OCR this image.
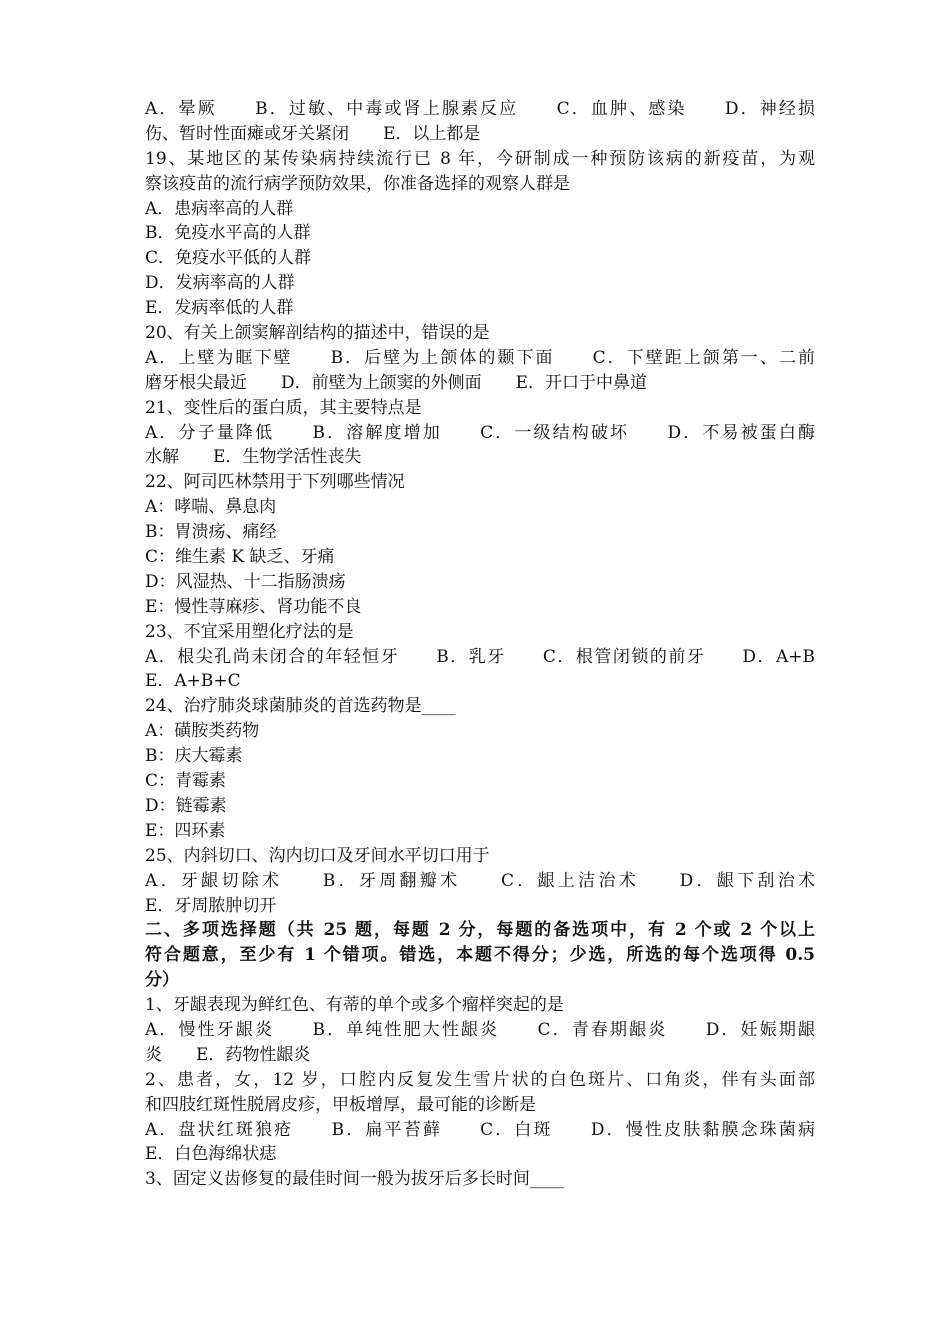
A．晕厥　　B．过敏、中毒或肾上腺素反应　　C．血肿、感染　　D．神经损
伤、暂时性面瘫或牙关紧闭　　E．以上都是
19、某地区的某传染病持续流行已 8 年，今研制成一种预防该病的新疫苗，为观
察该疫苗的流行病学预防效果，你准备选择的观察人群是
A．患病率高的人群
B．免疫水平高的人群
C．免疫水平低的人群
D．发病率高的人群
E．发病率低的人群
20、有关上颌窦解剖结构的描述中，错误的是
A．上壁为眶下壁　　B．后壁为上颌体的颞下面　　C．下壁距上颌第一、二前
磨牙根尖最近　　D．前壁为上颌窦的外侧面　　E．开口于中鼻道
21、变性后的蛋白质，其主要特点是
A．分子量降低　　B．溶解度增加　　C．一级结构破坏　　D．不易被蛋白酶
水解　　E．生物学活性丧失
22、阿司匹林禁用于下列哪些情况
A：哮喘、鼻息肉
B：胃溃疡、痛经
C：维生素 K 缺乏、牙痛
D：风湿热、十二指肠溃疡
E：慢性荨麻疹、肾功能不良
23、不宜采用塑化疗法的是
A．根尖孔尚未闭合的年轻恒牙　　B．乳牙　　C．根管闭锁的前牙　　D．A+B
E．A+B+C
24、治疗肺炎球菌肺炎的首选药物是____
A：磺胺类药物
B：庆大霉素
C：青霉素
D：链霉素
E：四环素
25、内斜切口、沟内切口及牙间水平切口用于
A．牙龈切除术　　B．牙周翻瓣术　　C．龈上洁治术　　D．龈下刮治术
E．牙周脓肿切开
二、多项选择题（共 25 题，每题 2 分，每题的备选项中，有 2 个或 2 个以上
符合题意，至少有 1 个错项。错选，本题不得分；少选，所选的每个选项得 0.5
分）
1、牙龈表现为鲜红色、有蒂的单个或多个瘤样突起的是
A．慢性牙龈炎　　B．单纯性肥大性龈炎　　C．青春期龈炎　　D．妊娠期龈
炎　　E．药物性龈炎
2、患者，女，12 岁，口腔内反复发生雪片状的白色斑片、口角炎，伴有头面部
和四肢红斑性脱屑皮疹，甲板增厚，最可能的诊断是
A．盘状红斑狼疮　　B．扁平苔藓　　C．白斑　　D．慢性皮肤黏膜念珠菌病
E．白色海绵状痣
3、固定义齿修复的最佳时间一般为拔牙后多长时间____
